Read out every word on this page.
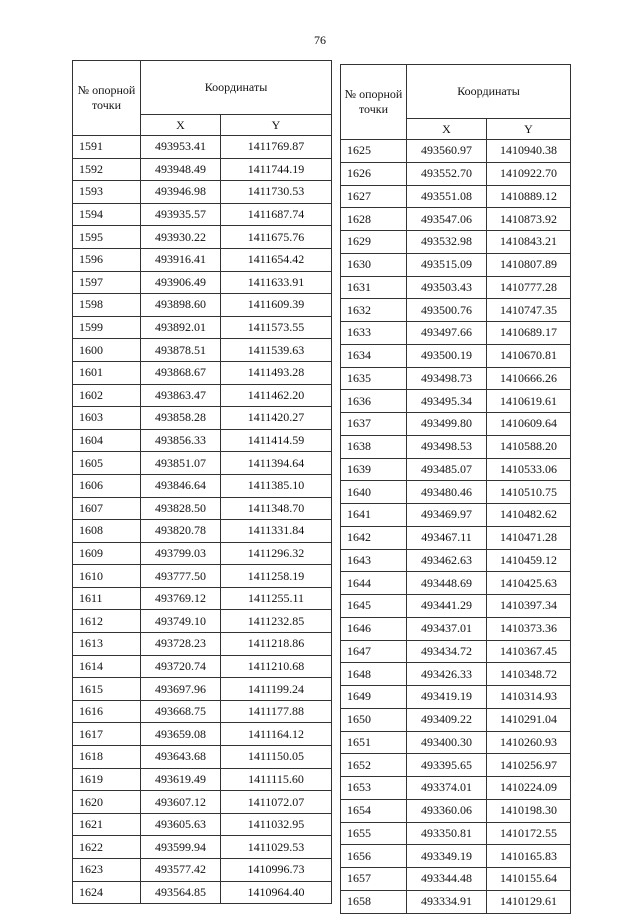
76
№ опорной точки	Координаты	
	X	Y
1591	493953.41	1411769.87
1592	493948.49	1411744.19
1593	493946.98	1411730.53
1594	493935.57	1411687.74
1595	493930.22	1411675.76
1596	493916.41	1411654.42
1597	493906.49	1411633.91
1598	493898.60	1411609.39
1599	493892.01	1411573.55
1600	493878.51	1411539.63
1601	493868.67	1411493.28
1602	493863.47	1411462.20
1603	493858.28	1411420.27
1604	493856.33	1411414.59
1605	493851.07	1411394.64
1606	493846.64	1411385.10
1607	493828.50	1411348.70
1608	493820.78	1411331.84
1609	493799.03	1411296.32
1610	493777.50	1411258.19
1611	493769.12	1411255.11
1612	493749.10	1411232.85
1613	493728.23	1411218.86
1614	493720.74	1411210.68
1615	493697.96	1411199.24
1616	493668.75	1411177.88
1617	493659.08	1411164.12
1618	493643.68	1411150.05
1619	493619.49	1411115.60
1620	493607.12	1411072.07
1621	493605.63	1411032.95
1622	493599.94	1411029.53
1623	493577.42	1410996.73
1624	493564.85	1410964.40
№ опорной точки	Координаты	
	X	Y
1625	493560.97	1410940.38
1626	493552.70	1410922.70
1627	493551.08	1410889.12
1628	493547.06	1410873.92
1629	493532.98	1410843.21
1630	493515.09	1410807.89
1631	493503.43	1410777.28
1632	493500.76	1410747.35
1633	493497.66	1410689.17
1634	493500.19	1410670.81
1635	493498.73	1410666.26
1636	493495.34	1410619.61
1637	493499.80	1410609.64
1638	493498.53	1410588.20
1639	493485.07	1410533.06
1640	493480.46	1410510.75
1641	493469.97	1410482.62
1642	493467.11	1410471.28
1643	493462.63	1410459.12
1644	493448.69	1410425.63
1645	493441.29	1410397.34
1646	493437.01	1410373.36
1647	493434.72	1410367.45
1648	493426.33	1410348.72
1649	493419.19	1410314.93
1650	493409.22	1410291.04
1651	493400.30	1410260.93
1652	493395.65	1410256.97
1653	493374.01	1410224.09
1654	493360.06	1410198.30
1655	493350.81	1410172.55
1656	493349.19	1410165.83
1657	493344.48	1410155.64
1658	493334.91	1410129.61
